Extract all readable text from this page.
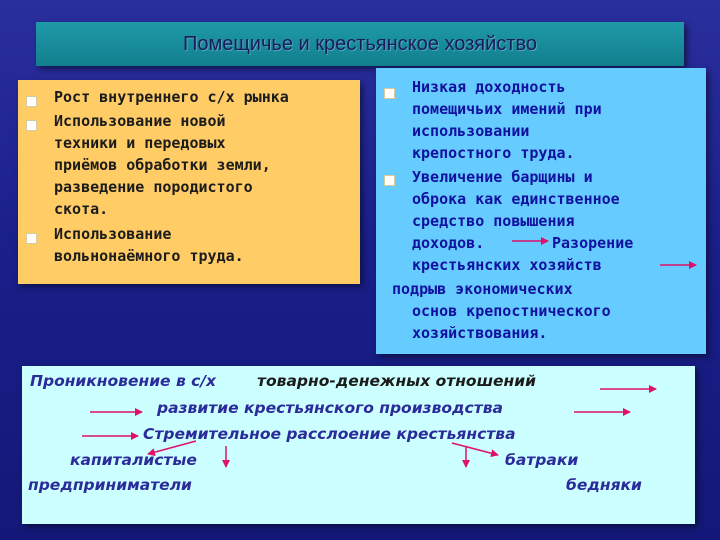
Помещичье и крестьянское хозяйство
Рост внутреннего с/х рынка
Использование новой
техники и передовых
приёмов обработки земли,
разведение породистого
скота.
Использование
вольнонаёмного труда.
Низкая доходность
помещичьих имений при
использовании
крепостного труда.
Увеличение барщины и
оброка как единственное
средство повышения
доходов.	Разорение
крестьянских хозяйств
подрыв экономических
основ крепостнического
хозяйствования.
Проникновение в с/х	товарно-денежных отношений
развитие крестьянского производства
Стремительное расслоение крестьянства
капиталистые	батраки
предприниматели	бедняки
